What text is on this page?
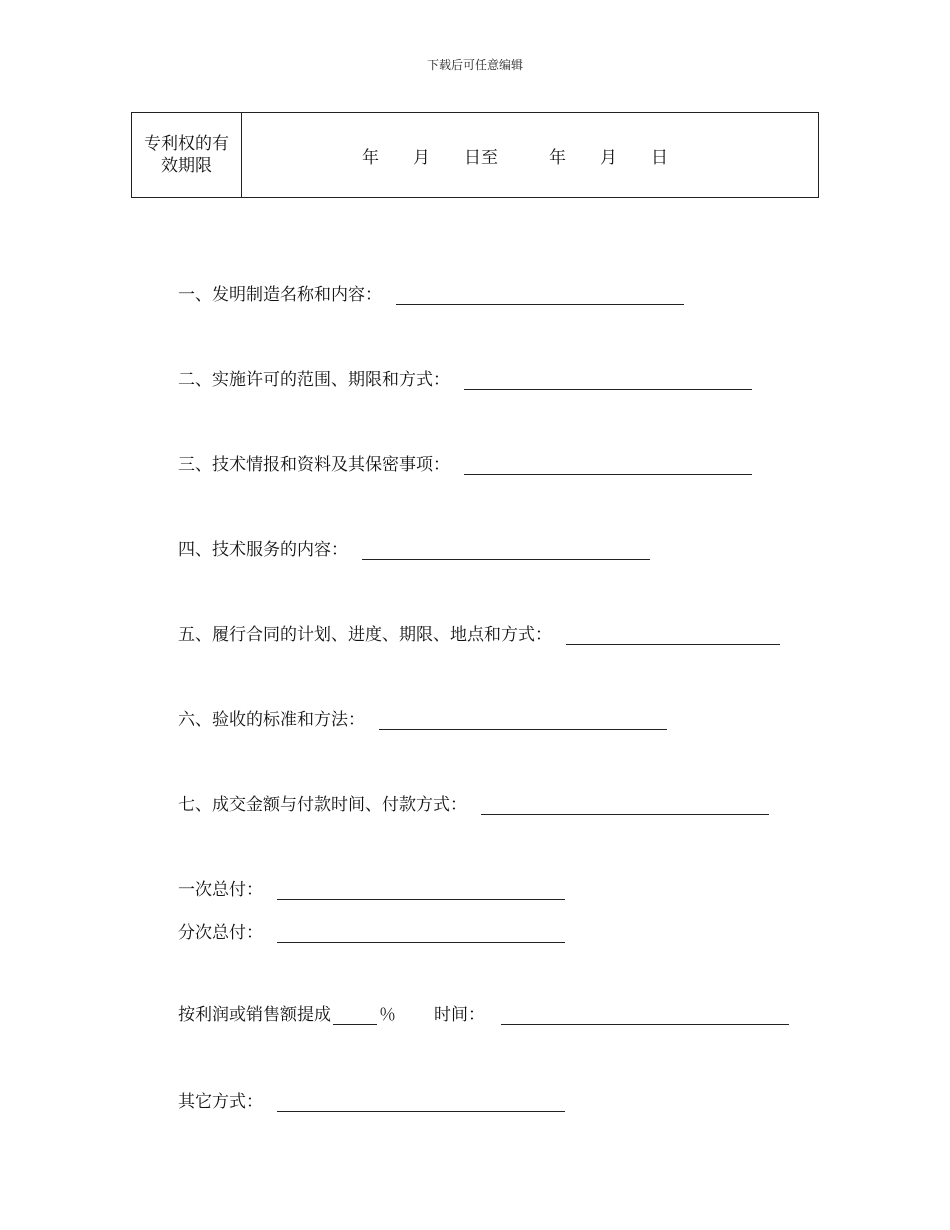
下载后可任意编辑
专利权的有效期限	年　　月　　日至　　　年　　月　　日
一、发明制造名称和内容：
二、实施许可的范围、期限和方式：
三、技术情报和资料及其保密事项：
四、技术服务的内容：
五、履行合同的计划、进度、期限、地点和方式：
六、验收的标准和方法：
七、成交金额与付款时间、付款方式：
一次总付：
分次总付：
按利润或销售额提成	％ 时间：
其它方式：
